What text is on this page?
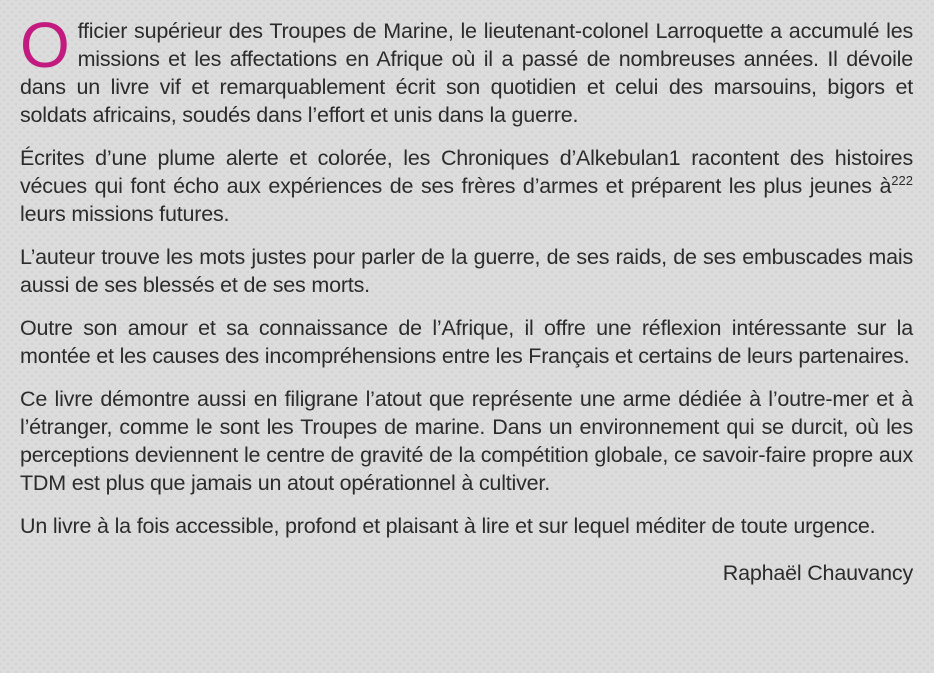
Officier supérieur des Troupes de Marine, le lieutenant-colonel Larroquette a accumulé les missions et les affectations en Afrique où il a passé de nombreuses années. Il dévoile dans un livre vif et remarquablement écrit son quotidien et celui des marsouins, bigors et soldats africains, soudés dans l’effort et unis dans la guerre.

Écrites d’une plume alerte et colorée, les Chroniques d’Alkebulan1 racontent des histoires vécues qui font écho aux expériences de ses frères d’armes et préparent les plus jeunes à$^{222}$ leurs missions futures.

L’auteur trouve les mots justes pour parler de la guerre, de ses raids, de ses embuscades mais aussi de ses blessés et de ses morts.

Outre son amour et sa connaissance de l’Afrique, il offre une réflexion intéressante sur la montée et les causes des incompréhensions entre les Français et certains de leurs partenaires.

Ce livre démontre aussi en filigrane l’atout que représente une arme dédiée à l’outre-mer et à l’étranger, comme le sont les Troupes de marine. Dans un environnement qui se durcit, où les perceptions deviennent le centre de gravité de la compétition globale, ce savoir-faire propre aux TDM est plus que jamais un atout opérationnel à cultiver.

Un livre à la fois accessible, profond et plaisant à lire et sur lequel méditer de toute urgence.

Raphaël Chauvancy
